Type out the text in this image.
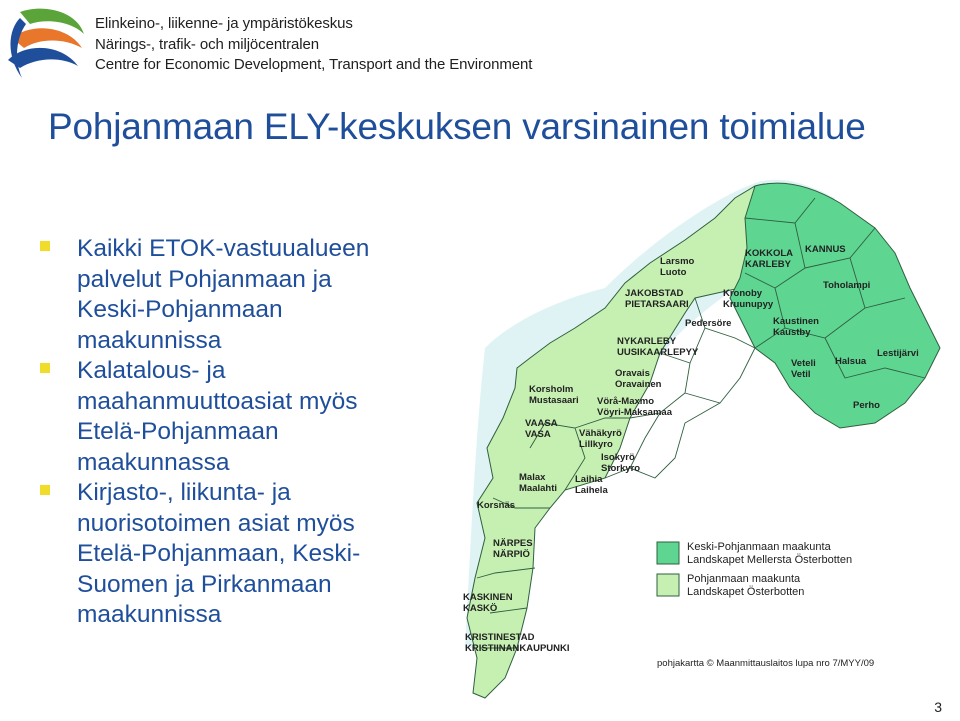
Elinkeino-, liikenne- ja ympäristökeskus
Närings-, trafik- och miljöcentralen
Centre for Economic Development, Transport and the Environment
Pohjanmaan ELY-keskuksen varsinainen toimialue
Kaikki ETOK-vastuualueen
palvelut Pohjanmaan ja
Keski-Pohjanmaan
maakunnissa
Kalatalous- ja
maahanmuuttoasiat myös
Etelä-Pohjanmaan
maakunnassa
Kirjasto-, liikunta- ja
nuorisotoimen asiat myös
Etelä-Pohjanmaan, Keski-
Suomen ja Pirkanmaan
maakunnissa
KOKKOLA KARLEBY
KANNUS
Toholampi
Larsmo Luoto
JAKOBSTAD PIETARSAARI
Kronoby Kruunupyy
Pedersöre	Kaustinen Kaustby
Lestijärvi
NYKARLEBY UUSIKAARLEPYY
Veteli Vetil
Halsua
Oravais Oravainen
Korsholm Mustasaari Vörå-Maxmo Vöyri-Maksamaa
Perho
VAASA VASA	Vähäkyrö Lillkyro
Isokyrö Storkyro
Malax Maalahti
Laihia Laihela
Korsnäs
NÄRPES NÄRPIÖ
KASKINEN KASKÖ
KRISTINESTAD KRISTIINANKAUPUNKI
Keski-Pohjanmaan maakunta Landskapet Mellersta Österbotten
Pohjanmaan maakunta Landskapet Österbotten
pohjakartta © Maanmittauslaitos lupa nro 7/MYY/09
3
